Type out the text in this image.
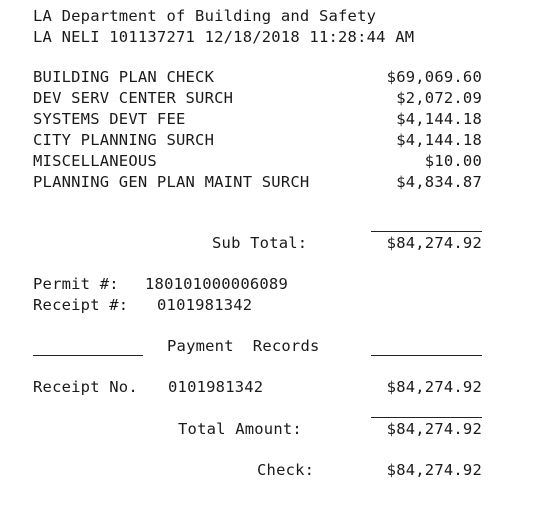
LA Department of Building and Safety
LA NELI 101137271 12/18/2018 11:28:44 AM
BUILDING PLAN CHECK	$69,069.60
DEV SERV CENTER SURCH	$2,072.09
SYSTEMS DEVT FEE	$4,144.18
CITY PLANNING SURCH	$4,144.18
MISCELLANEOUS	$10.00
PLANNING GEN PLAN MAINT SURCH	$4,834.87
Sub Total:	$84,274.92
Permit #: 180101000006089
Receipt #: 0101981342
Payment  Records
Receipt No. 0101981342	$84,274.92
Total Amount:	$84,274.92
Check:	$84,274.92
